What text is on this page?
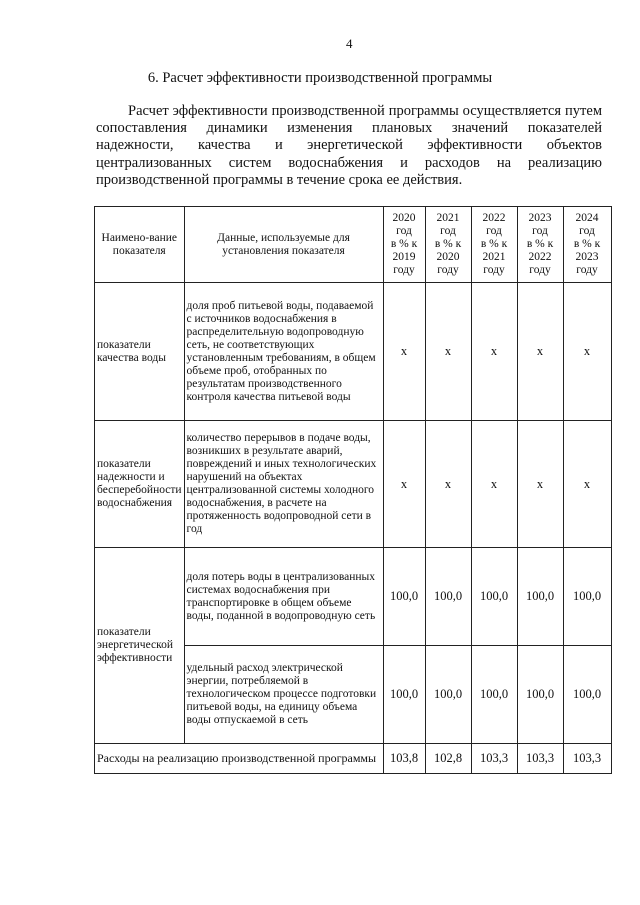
4
6. Расчет эффективности производственной программы
Расчет эффективности производственной программы осуществляется путем сопоставления динамики изменения плановых значений показателей надежности, качества и энергетической эффективности объектов централизованных систем водоснабжения и расходов на реализацию производственной программы в течение срока ее действия.
Наимено-вание показателя	Данные, используемые для установления показателя	2020
год
в % к
2019
году	2021
год
в % к
2020
году	2022
год
в % к
2021
году	2023
год
в % к
2022
году	2024
год
в % к
2023
году

показатели качества воды	доля проб питьевой воды, подаваемой с источников водоснабжения в распределительную водопроводную сеть, не соответствующих установленным требованиям, в общем объеме проб, отобранных по результатам производственного контроля качества питьевой воды	x	x	x	x	x
показатели надежности и бесперебойности водоснабжения	количество перерывов в подаче воды, возникших в результате аварий, повреждений и иных технологических нарушений на объектах централизованной системы холодного водоснабжения, в расчете на протяженность водопроводной сети в год	x	x	x	x	x
показатели энергетической эффективности	доля потерь воды в централизованных системах водоснабжения при транспортировке в общем объеме воды, поданной в водопроводную сеть	100,0	100,0	100,0	100,0	100,0
	удельный расход электрической энергии, потребляемой в технологическом процессе подготовки питьевой воды, на единицу объема воды отпускаемой в сеть	100,0	100,0	100,0	100,0	100,0
Расходы на реализацию производственной программы		103,8	102,8	103,3	103,3	103,3
